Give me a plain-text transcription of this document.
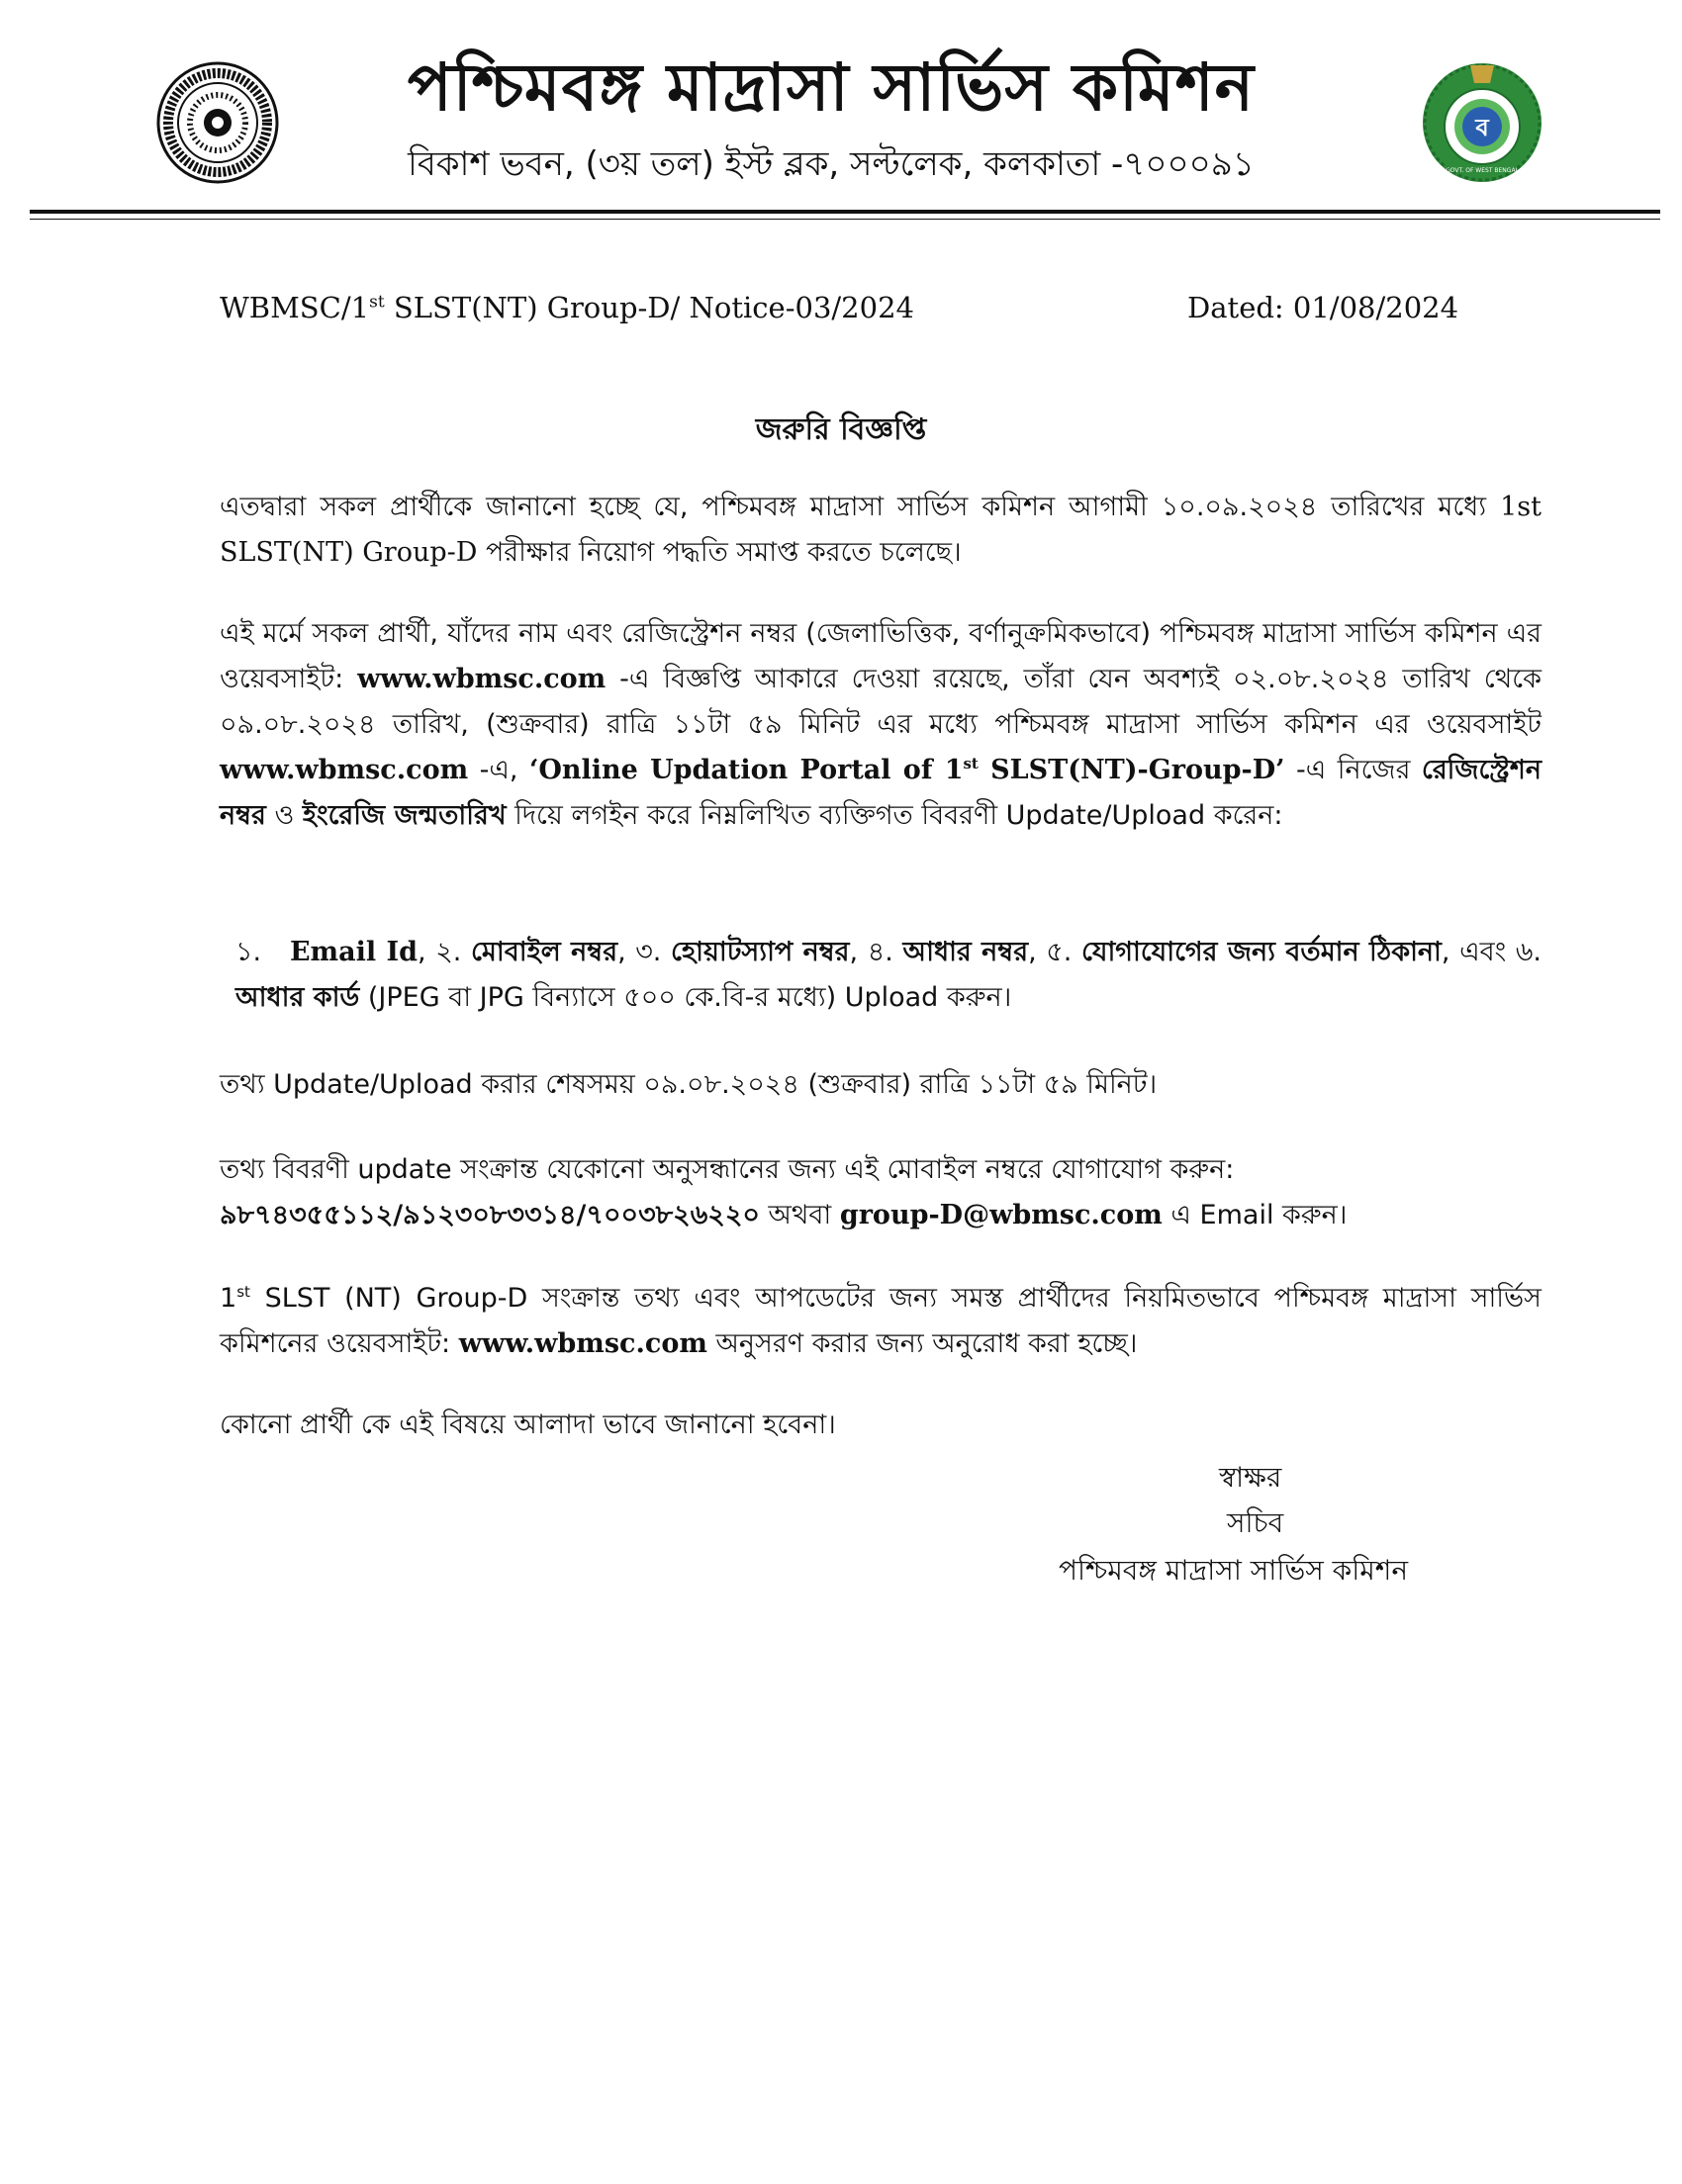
পশ্চিমবঙ্গ মাদ্রাসা সার্ভিস কমিশন
বিকাশ ভবন, (৩য় তল) ইস্ট ব্লক, সল্টলেক, কলকাতা -৭০০০৯১
ব
GOVT. OF WEST BENGAL
WBMSC/1st SLST(NT) Group-D/ Notice-03/2024	Dated: 01/08/2024
জরুরি বিজ্ঞপ্তি
এতদ্বারা সকল প্রার্থীকে জানানো হচ্ছে যে, পশ্চিমবঙ্গ মাদ্রাসা সার্ভিস কমিশন আগামী ১০.০৯.২০২৪ তারিখের মধ্যে 1st SLST(NT) Group-D পরীক্ষার নিয়োগ পদ্ধতি সমাপ্ত করতে চলেছে।
এই মর্মে সকল প্রার্থী, যাঁদের নাম এবং রেজিস্ট্রেশন নম্বর (জেলাভিত্তিক, বর্ণানুক্রমিকভাবে) পশ্চিমবঙ্গ মাদ্রাসা সার্ভিস কমিশন এর ওয়েবসাইট: www.wbmsc.com -এ বিজ্ঞপ্তি আকারে দেওয়া রয়েছে, তাঁরা যেন অবশ্যই ০২.০৮.২০২৪ তারিখ থেকে ০৯.০৮.২০২৪ তারিখ, (শুক্রবার) রাত্রি ১১টা ৫৯ মিনিট এর মধ্যে পশ্চিমবঙ্গ মাদ্রাসা সার্ভিস কমিশন এর ওয়েবসাইট www.wbmsc.com -এ, ‘Online Updation Portal of 1st SLST(NT)-Group-D’ -এ নিজের রেজিস্ট্রেশন নম্বর ও ইংরেজি জন্মতারিখ দিয়ে লগইন করে নিম্নলিখিত ব্যক্তিগত বিবরণী Update/Upload করেন:
১. Email Id, ২. মোবাইল নম্বর, ৩. হোয়াটস্যাপ নম্বর, ৪. আধার নম্বর, ৫. যোগাযোগের জন্য বর্তমান ঠিকানা, এবং ৬. আধার কার্ড (JPEG বা JPG বিন্যাসে ৫০০ কে.বি-র মধ্যে) Upload করুন।
তথ্য Update/Upload করার শেষসময় ০৯.০৮.২০২৪ (শুক্রবার) রাত্রি ১১টা ৫৯ মিনিট।
তথ্য বিবরণী update সংক্রান্ত যেকোনো অনুসন্ধানের জন্য এই মোবাইল নম্বরে যোগাযোগ করুন:
৯৮৭৪৩৫৫১১২/৯১২৩০৮৩৩১৪/৭০০৩৮২৬২২০ অথবা group-D@wbmsc.com এ Email করুন।
1st SLST (NT) Group-D সংক্রান্ত তথ্য এবং আপডেটের জন্য সমস্ত প্রার্থীদের নিয়মিতভাবে পশ্চিমবঙ্গ মাদ্রাসা সার্ভিস কমিশনের ওয়েবসাইট: www.wbmsc.com অনুসরণ করার জন্য অনুরোধ করা হচ্ছে।
কোনো প্রার্থী কে এই বিষয়ে আলাদা ভাবে জানানো হবেনা।
স্বাক্ষর
সচিব
পশ্চিমবঙ্গ মাদ্রাসা সার্ভিস কমিশন
